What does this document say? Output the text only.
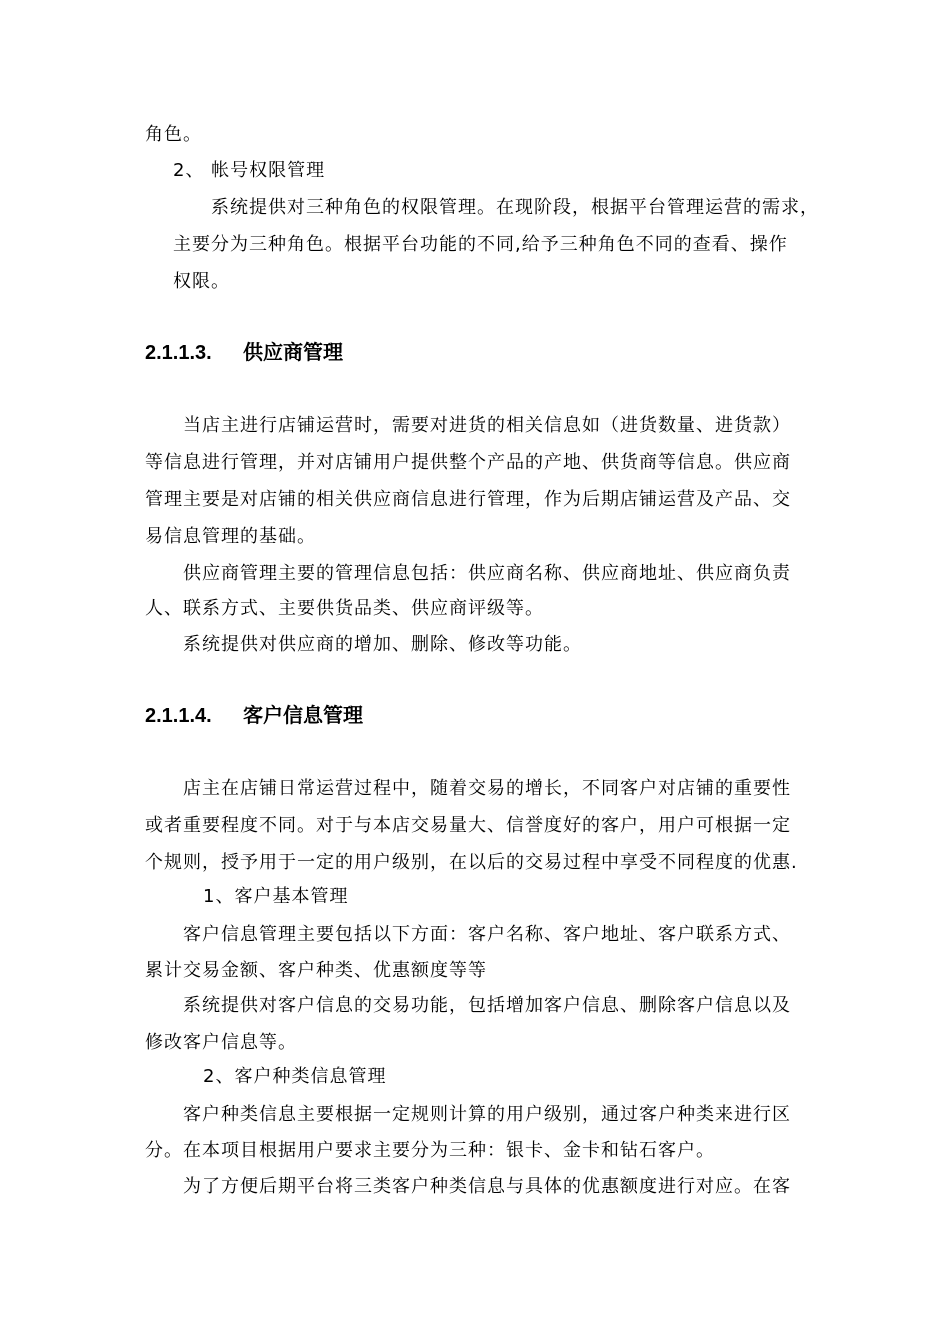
角色。
2、 帐号权限管理
系统提供对三种角色的权限管理。在现阶段，根据平台管理运营的需求，
主要分为三种角色。根据平台功能的不同,给予三种角色不同的查看、操作
权限。
2.1.1.3. 供应商管理
当店主进行店铺运营时，需要对进货的相关信息如（进货数量、进货款）
等信息进行管理，并对店铺用户提供整个产品的产地、供货商等信息。供应商
管理主要是对店铺的相关供应商信息进行管理，作为后期店铺运营及产品、交
易信息管理的基础。
供应商管理主要的管理信息包括：供应商名称、供应商地址、供应商负责
人、联系方式、主要供货品类、供应商评级等。
系统提供对供应商的增加、删除、修改等功能。
2.1.1.4. 客户信息管理
店主在店铺日常运营过程中，随着交易的增长，不同客户对店铺的重要性
或者重要程度不同。对于与本店交易量大、信誉度好的客户，用户可根据一定
个规则，授予用于一定的用户级别，在以后的交易过程中享受不同程度的优惠.
1、客户基本管理
客户信息管理主要包括以下方面：客户名称、客户地址、客户联系方式、
累计交易金额、客户种类、优惠额度等等
系统提供对客户信息的交易功能，包括增加客户信息、删除客户信息以及
修改客户信息等。
2、客户种类信息管理
客户种类信息主要根据一定规则计算的用户级别，通过客户种类来进行区
分。在本项目根据用户要求主要分为三种：银卡、金卡和钻石客户。
为了方便后期平台将三类客户种类信息与具体的优惠额度进行对应。在客
